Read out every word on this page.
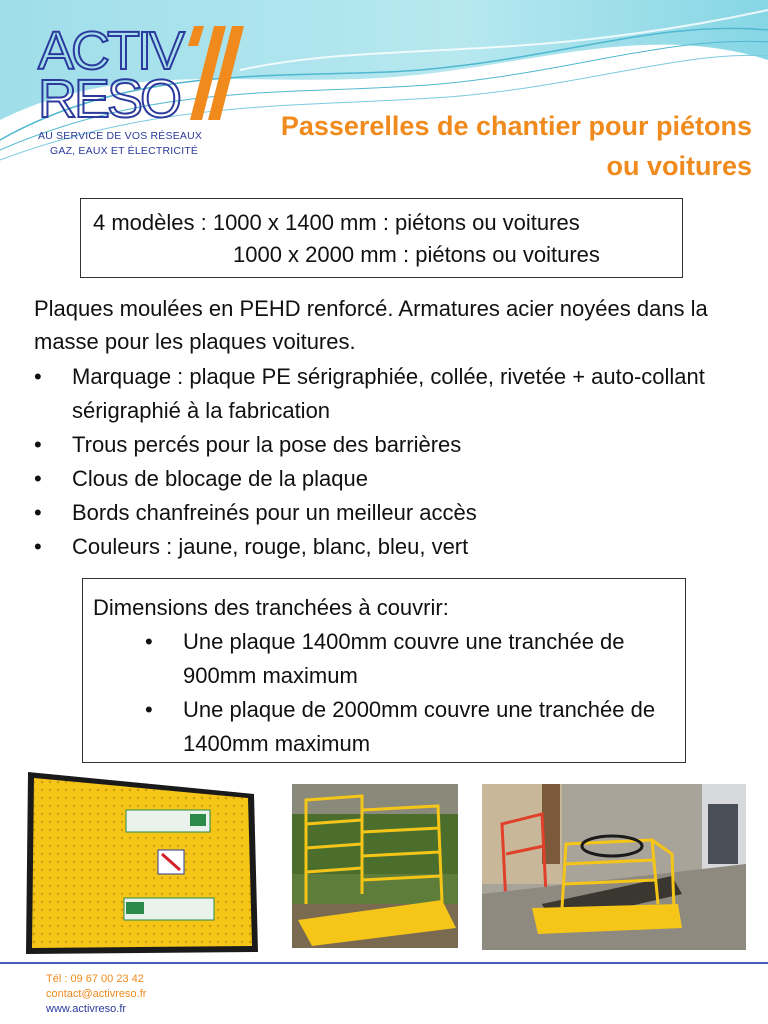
ACTIV
RESO
AU SERVICE DE VOS RÉSEAUX
GAZ, EAUX ET ÉLECTRICITÉ
Passerelles de chantier pour piétons
ou voitures
4 modèles : 1000 x 1400 mm : piétons ou voitures
1000 x 2000 mm : piétons ou voitures

Plaques moulées en PEHD renforcé. Armatures acier noyées dans la masse pour les plaques voitures.

• Marquage : plaque PE sérigraphiée, collée, rivetée + auto-collant sérigraphié à la fabrication
• Trous percés pour la pose des barrières
• Clous de blocage de la plaque
• Bords chanfreinés pour un meilleur accès
• Couleurs : jaune, rouge, blanc, bleu, vert
Dimensions des tranchées à couvrir:
• Une plaque 1400mm couvre une tranchée de 900mm maximum
• Une plaque de 2000mm couvre une tranchée de 1400mm maximum
Tél : 09 67 00 23 42
contact@activreso.fr
www.activreso.fr
